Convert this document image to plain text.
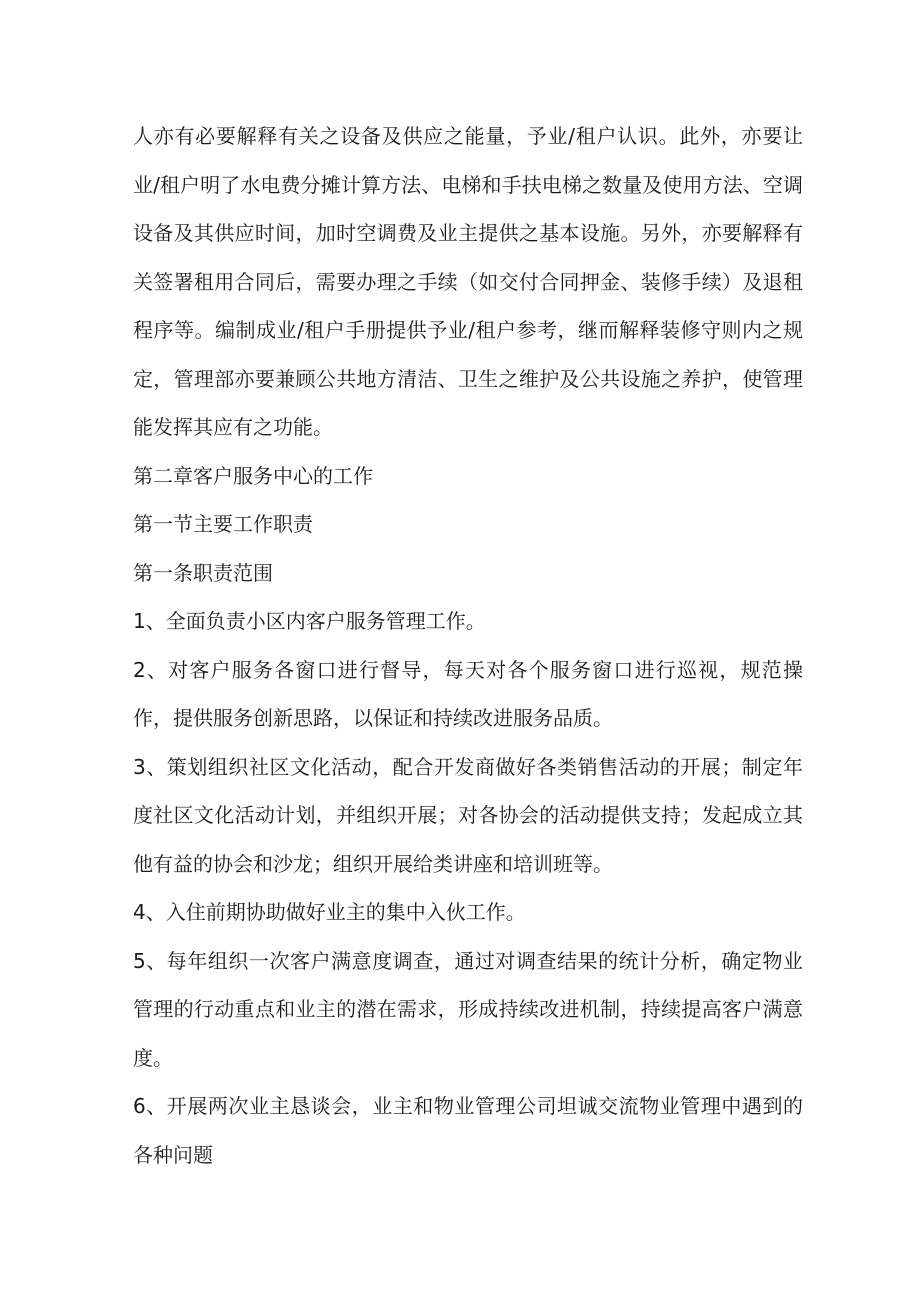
人亦有必要解释有关之设备及供应之能量，予业/租户认识。此外，亦要让业/租户明了水电费分摊计算方法、电梯和手扶电梯之数量及使用方法、空调设备及其供应时间，加时空调费及业主提供之基本设施。另外，亦要解释有关签署租用合同后，需要办理之手续（如交付合同押金、装修手续）及退租程序等。编制成业/租户手册提供予业/租户参考，继而解释装修守则内之规定，管理部亦要兼顾公共地方清洁、卫生之维护及公共设施之养护，使管理能发挥其应有之功能。

第二章客户服务中心的工作

第一节主要工作职责

第一条职责范围

1、全面负责小区内客户服务管理工作。

2、对客户服务各窗口进行督导，每天对各个服务窗口进行巡视，规范操作，提供服务创新思路，以保证和持续改进服务品质。

3、策划组织社区文化活动，配合开发商做好各类销售活动的开展；制定年度社区文化活动计划，并组织开展；对各协会的活动提供支持；发起成立其他有益的协会和沙龙；组织开展给类讲座和培训班等。

4、入住前期协助做好业主的集中入伙工作。

5、每年组织一次客户满意度调查，通过对调查结果的统计分析，确定物业管理的行动重点和业主的潜在需求，形成持续改进机制，持续提高客户满意度。

6、开展两次业主恳谈会，业主和物业管理公司坦诚交流物业管理中遇到的各种问题
